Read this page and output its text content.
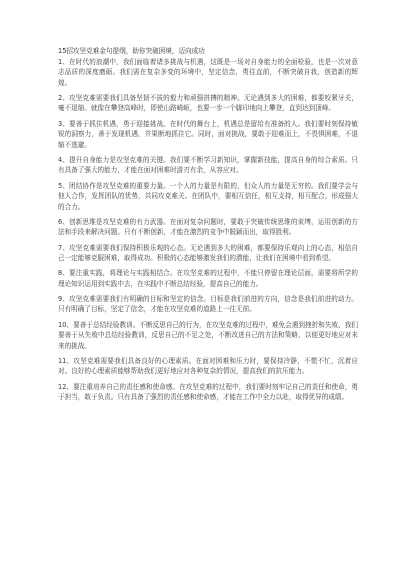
15招攻坚克难金句提纲，助你突破困境，迈向成功

1、在时代的浪潮中，我们面临着诸多挑战与机遇，这既是一场对自身能力的全面检验，也是一次对意志品质的深度磨砺。我们需在复杂多变的环境中，坚定信念，勇往直前，不断突破自我，创造新的辉煌。

2、攻坚克难需要我们具备坚韧不拔的毅力和顽强拼搏的精神。无论遇到多大的困难，都要咬紧牙关，毫不退缩。就像在攀登高峰时，即使山路崎岖，也要一步一个脚印地向上攀登，直到达到顶峰。

3、要善于抓住机遇，勇于迎接挑战。在时代的舞台上，机遇总是留给有准备的人。我们要时刻保持敏锐的洞察力，善于发现机遇，并果断地抓住它。同时，面对挑战，要敢于迎难而上，不畏惧困难，不退缩不逃避。

4、提升自身能力是攻坚克难的关键。我们要不断学习新知识，掌握新技能，提高自身的综合素质。只有具备了强大的能力，才能在面对困难时游刃有余，从容应对。

5、团结协作是攻坚克难的重要力量。一个人的力量是有限的，但众人的力量是无穷的。我们要学会与他人合作，发挥团队的优势，共同攻克难关。在团队中，要相互信任，相互支持，相互配合，形成强大的合力。

6、创新思维是攻坚克难的有力武器。在面对复杂问题时，要敢于突破传统思维的束缚，运用创新的方法和手段来解决问题。只有不断创新，才能在激烈的竞争中脱颖而出，取得胜利。

7、攻坚克难需要我们保持积极乐观的心态。无论遇到多大的困难，都要保持乐观向上的心态，相信自己一定能够克服困难，取得成功。积极的心态能够激发我们的潜能，让我们在困境中看到希望。

8、要注重实践，将理论与实践相结合。在攻坚克难的过程中，不能只停留在理论层面，需要将所学的理论知识运用到实践中去，在实践中不断总结经验，提高自己的能力。

9、攻坚克难需要我们有明确的目标和坚定的信念。目标是我们前进的方向，信念是我们前进的动力。只有明确了目标，坚定了信念，才能在攻坚克难的道路上一往无前。

10、要善于总结经验教训。不断反思自己的行为，在攻坚克难的过程中，难免会遇到挫折和失败，我们要善于从失败中总结经验教训，反思自己的不足之处，不断改进自己的方法和策略，以便更好地应对未来的挑战。

11、攻坚克难需要我们具备良好的心理素质。在面对困难和压力时，要保持冷静，不慌不忙，沉着应对。良好的心理素质能够帮助我们更好地应对各种复杂的情况，提高我们的抗压能力。

12、要注重培养自己的责任感和使命感。在攻坚克难的过程中，我们要时刻牢记自己的责任和使命，勇于担当，敢于负责。只有具备了强烈的责任感和使命感，才能在工作中全力以赴，取得优异的成绩。
